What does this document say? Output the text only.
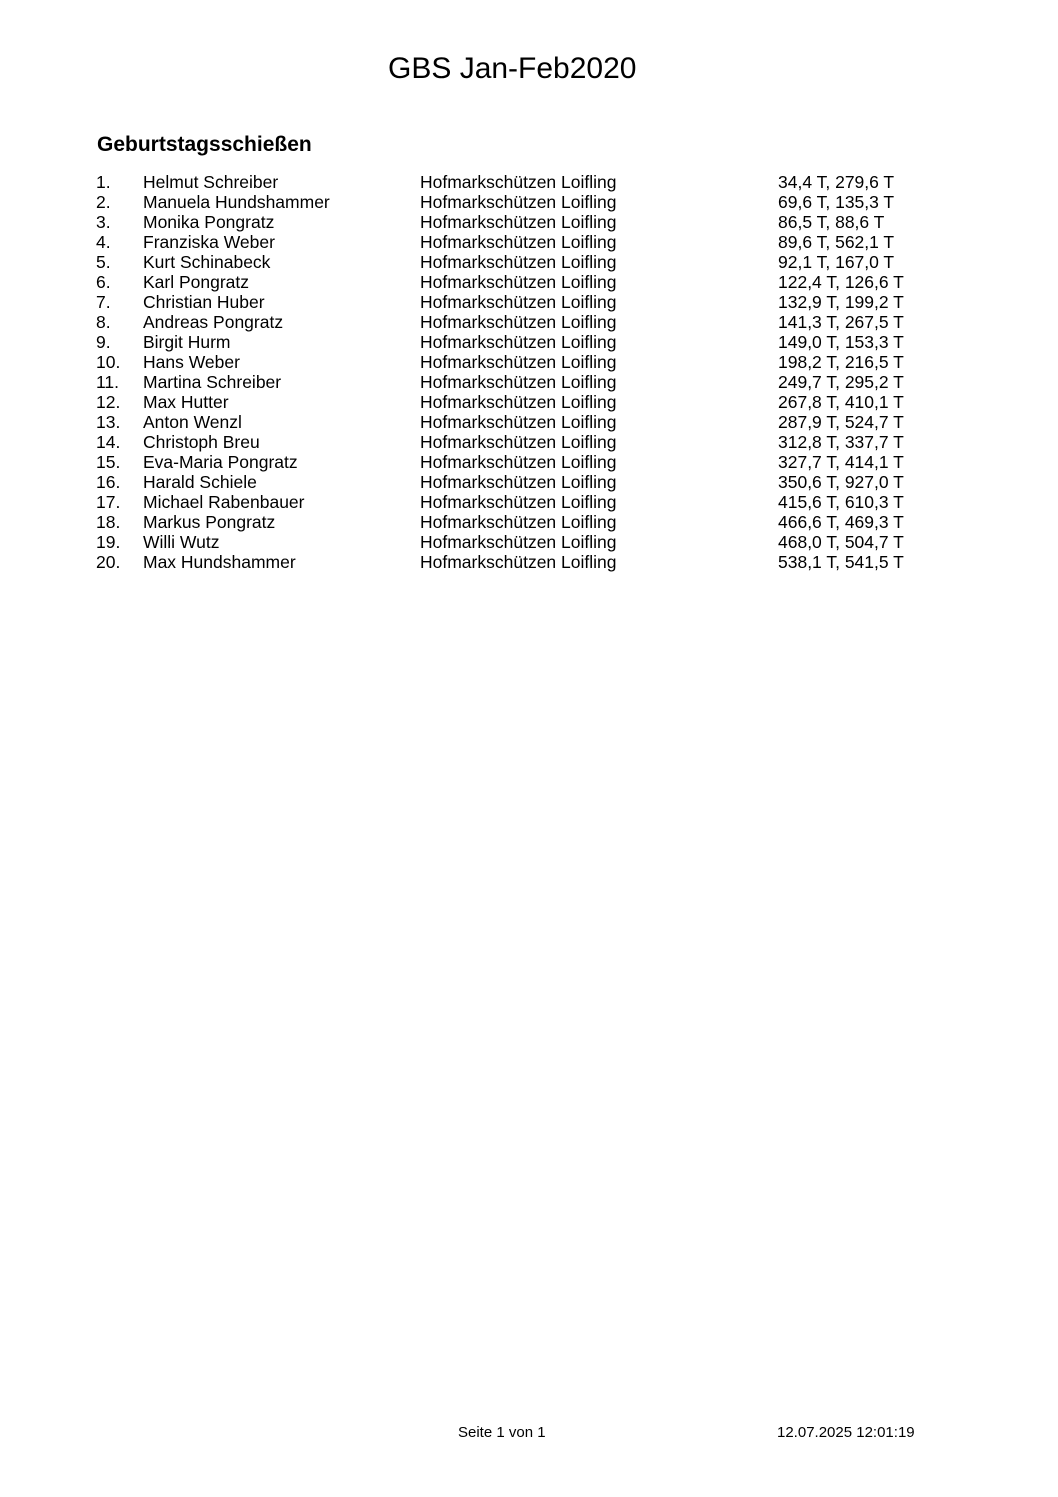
GBS Jan-Feb2020
Geburtstagsschießen
1.	Helmut Schreiber	Hofmarkschützen Loifling	34,4 T, 279,6 T
2.	Manuela Hundshammer	Hofmarkschützen Loifling	69,6 T, 135,3 T
3.	Monika Pongratz	Hofmarkschützen Loifling	86,5 T, 88,6 T
4.	Franziska Weber	Hofmarkschützen Loifling	89,6 T, 562,1 T
5.	Kurt Schinabeck	Hofmarkschützen Loifling	92,1 T, 167,0 T
6.	Karl Pongratz	Hofmarkschützen Loifling	122,4 T, 126,6 T
7.	Christian Huber	Hofmarkschützen Loifling	132,9 T, 199,2 T
8.	Andreas Pongratz	Hofmarkschützen Loifling	141,3 T, 267,5 T
9.	Birgit Hurm	Hofmarkschützen Loifling	149,0 T, 153,3 T
10.	Hans Weber	Hofmarkschützen Loifling	198,2 T, 216,5 T
11.	Martina Schreiber	Hofmarkschützen Loifling	249,7 T, 295,2 T
12.	Max Hutter	Hofmarkschützen Loifling	267,8 T, 410,1 T
13.	Anton Wenzl	Hofmarkschützen Loifling	287,9 T, 524,7 T
14.	Christoph Breu	Hofmarkschützen Loifling	312,8 T, 337,7 T
15.	Eva-Maria Pongratz	Hofmarkschützen Loifling	327,7 T, 414,1 T
16.	Harald Schiele	Hofmarkschützen Loifling	350,6 T, 927,0 T
17.	Michael Rabenbauer	Hofmarkschützen Loifling	415,6 T, 610,3 T
18.	Markus Pongratz	Hofmarkschützen Loifling	466,6 T, 469,3 T
19.	Willi Wutz	Hofmarkschützen Loifling	468,0 T, 504,7 T
20.	Max Hundshammer	Hofmarkschützen Loifling	538,1 T, 541,5 T
Seite 1 von 1	12.07.2025 12:01:19
